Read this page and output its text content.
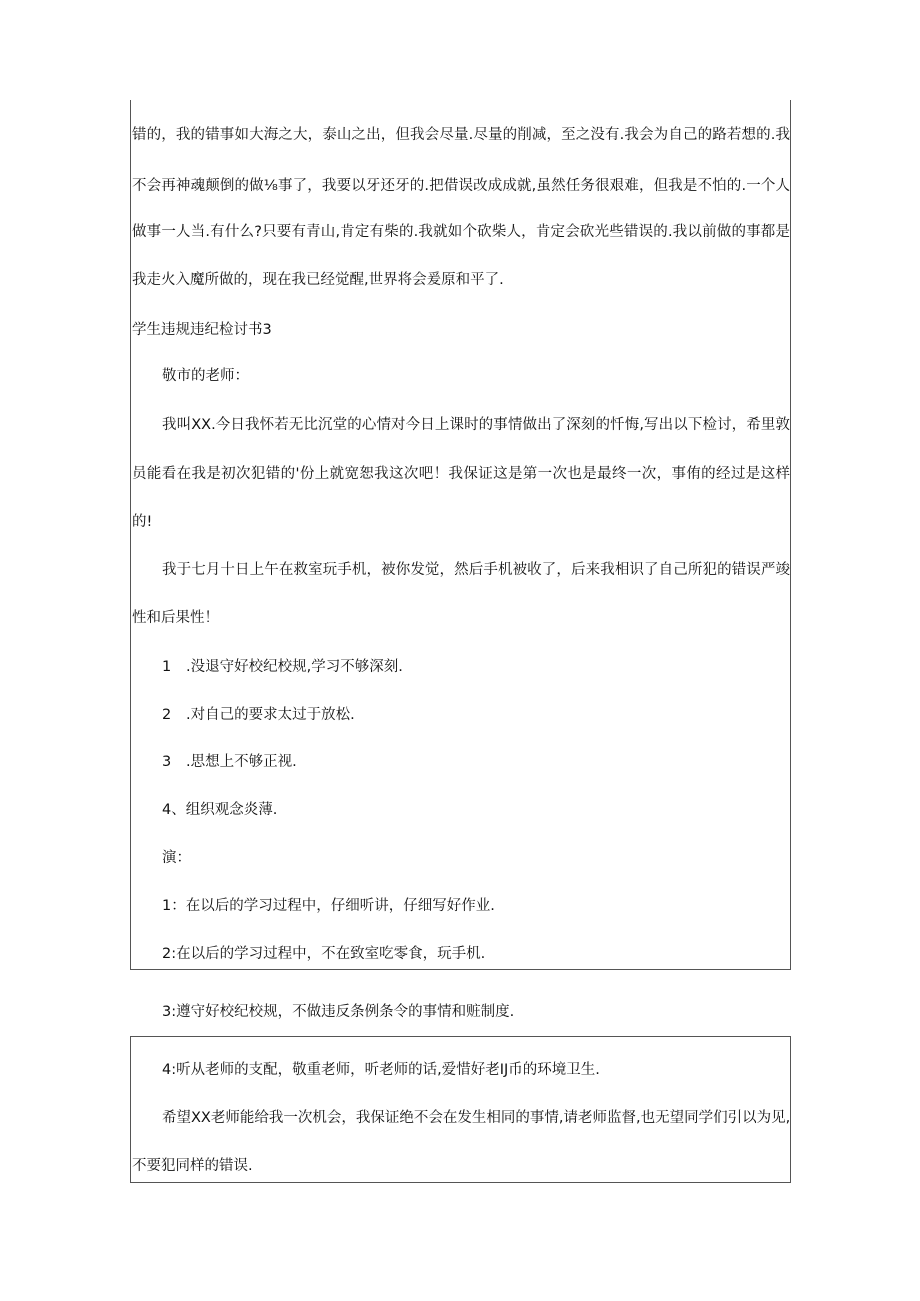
错的，我的错事如大海之大，泰山之出，但我会尽量.尽量的削减，至之没有.我会为自己的路若想的.我
不会再神魂颠倒的做⅛事了，我要以牙还牙的.把借误改成成就,虽然任务很艰难，但我是不怕的.一个人
做事一人当.有什么?只要有青山,肯定有柴的.我就如个砍柴人，肯定会砍光些错误的.我以前做的事都是
我走火入魔所做的，现在我已经觉醒,世界将会爰原和平了.
学生违规违纪检讨书3
敬市的老师：
我叫XX.今日我怀若无比沉堂的心情对今日上课时的事情做出了深刻的忏悔,写出以下检讨，希里敦
员能看在我是初次犯错的'份上就宽恕我这次吧！我保证这是第一次也是最终一次，事侑的经过是这样
的!
我于七月十日上午在救室玩手机，被你发觉，然后手机被收了，后来我相识了自己所犯的错误严竣
性和后果性！
1 .没退守好校纪校规,学习不够深刻.
2 .对自己的要求太过于放松.
3 .思想上不够正视.
4、组织观念炎薄.
演：
1：在以后的学习过程中，仔细听讲，仔细写好作业.
2:在以后的学习过程中，不在致室吃零食，玩手机.
3:遵守好校纪校规，不做违反条例条令的事情和赃制度.
4:听从老师的支配，敬重老师，听老师的话,爱惜好老IJ币的环境卫生.
希望XX老师能给我一次机会，我保证绝不会在发生相同的事情,请老师监督,也无望同学们引以为见,
不要犯同样的错误.
